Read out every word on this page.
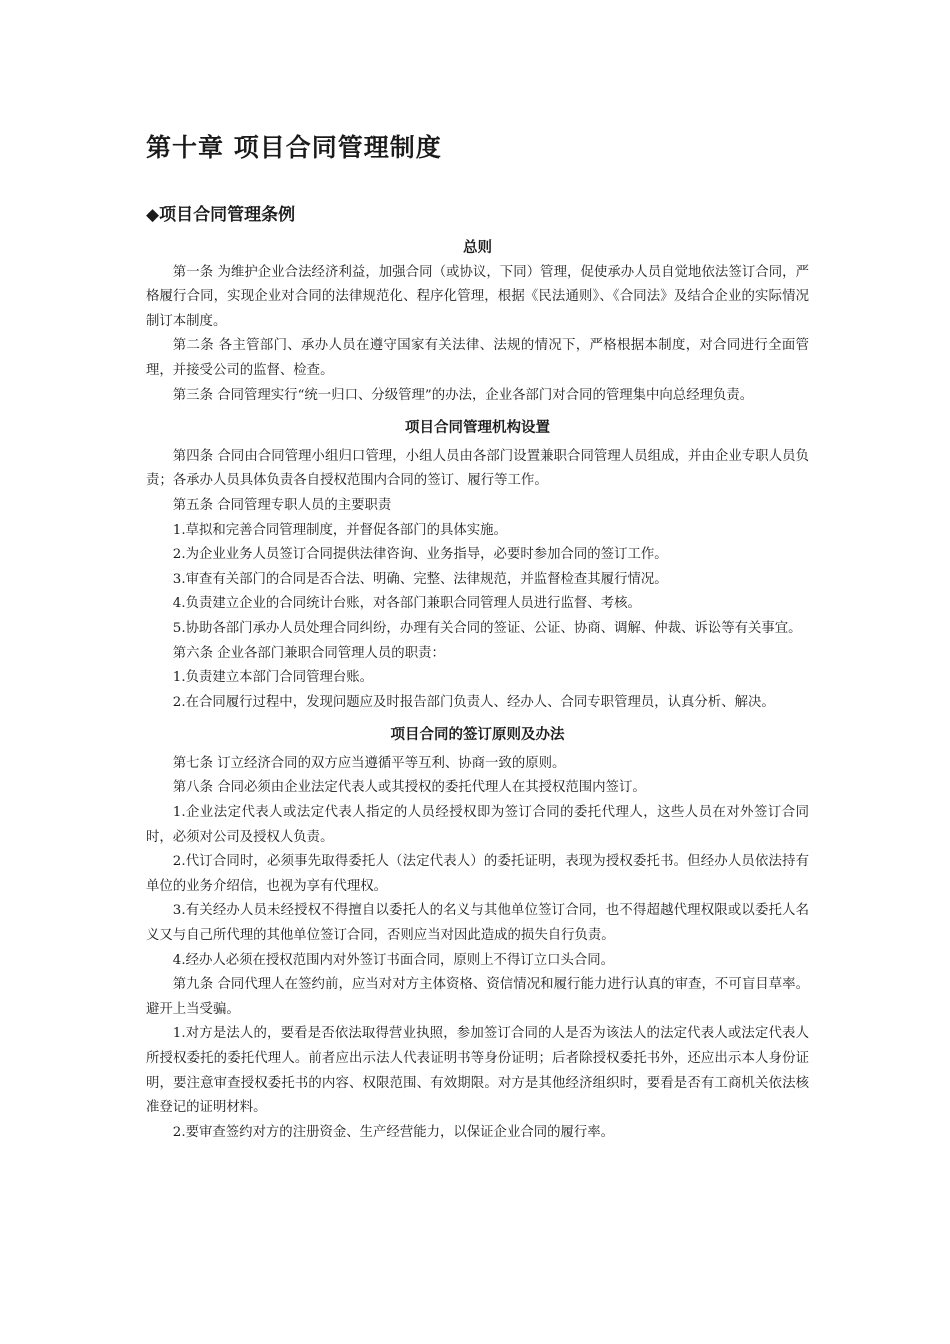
第十章 项目合同管理制度
◆项目合同管理条例
总则

第一条 为维护企业合法经济利益，加强合同（或协议，下同）管理，促使承办人员自觉地依法签订合同，严格履行合同，实现企业对合同的法律规范化、程序化管理，根据《民法通则》、《合同法》及结合企业的实际情况制订本制度。

第二条 各主管部门、承办人员在遵守国家有关法律、法规的情况下，严格根据本制度，对合同进行全面管理，并接受公司的监督、检查。

第三条 合同管理实行“统一归口、分级管理”的办法，企业各部门对合同的管理集中向总经理负责。

项目合同管理机构设置

第四条 合同由合同管理小组归口管理，小组人员由各部门设置兼职合同管理人员组成，并由企业专职人员负责；各承办人员具体负责各自授权范围内合同的签订、履行等工作。

第五条 合同管理专职人员的主要职责

1.草拟和完善合同管理制度，并督促各部门的具体实施。

2.为企业业务人员签订合同提供法律咨询、业务指导，必要时参加合同的签订工作。

3.审查有关部门的合同是否合法、明确、完整、法律规范，并监督检查其履行情况。

4.负责建立企业的合同统计台账，对各部门兼职合同管理人员进行监督、考核。

5.协助各部门承办人员处理合同纠纷，办理有关合同的签证、公证、协商、调解、仲裁、诉讼等有关事宜。

第六条 企业各部门兼职合同管理人员的职责：

1.负责建立本部门合同管理台账。

2.在合同履行过程中，发现问题应及时报告部门负责人、经办人、合同专职管理员，认真分析、解决。

项目合同的签订原则及办法

第七条 订立经济合同的双方应当遵循平等互利、协商一致的原则。

第八条 合同必须由企业法定代表人或其授权的委托代理人在其授权范围内签订。

1.企业法定代表人或法定代表人指定的人员经授权即为签订合同的委托代理人，这些人员在对外签订合同时，必须对公司及授权人负责。

2.代订合同时，必须事先取得委托人（法定代表人）的委托证明，表现为授权委托书。但经办人员依法持有单位的业务介绍信，也视为享有代理权。

3.有关经办人员未经授权不得擅自以委托人的名义与其他单位签订合同，也不得超越代理权限或以委托人名义又与自己所代理的其他单位签订合同，否则应当对因此造成的损失自行负责。

4.经办人必须在授权范围内对外签订书面合同，原则上不得订立口头合同。

第九条 合同代理人在签约前，应当对对方主体资格、资信情况和履行能力进行认真的审查，不可盲目草率。避开上当受骗。

1.对方是法人的，要看是否依法取得营业执照，参加签订合同的人是否为该法人的法定代表人或法定代表人所授权委托的委托代理人。前者应出示法人代表证明书等身份证明；后者除授权委托书外，还应出示本人身份证明，要注意审查授权委托书的内容、权限范围、有效期限。对方是其他经济组织时，要看是否有工商机关依法核准登记的证明材料。

2.要审查签约对方的注册资金、生产经营能力，以保证企业合同的履行率。
